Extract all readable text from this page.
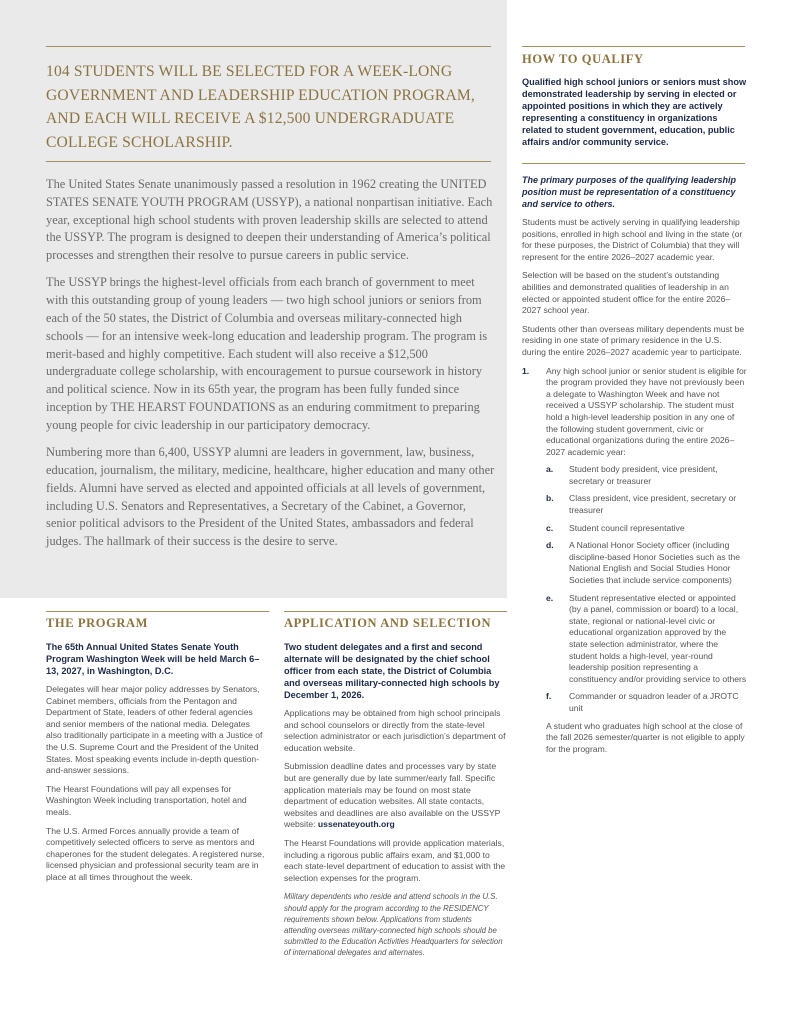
104 STUDENTS WILL BE SELECTED FOR A WEEK-LONG GOVERNMENT AND LEADERSHIP EDUCATION PROGRAM, AND EACH WILL RECEIVE A $12,500 UNDERGRADUATE COLLEGE SCHOLARSHIP.

The United States Senate unanimously passed a resolution in 1962 creating the UNITED STATES SENATE YOUTH PROGRAM (USSYP), a national nonpartisan initiative. Each year, exceptional high school students with proven leadership skills are selected to attend the USSYP. The program is designed to deepen their understanding of America’s political processes and strengthen their resolve to pursue careers in public service.

The USSYP brings the highest-level officials from each branch of government to meet with this outstanding group of young leaders — two high school juniors or seniors from each of the 50 states, the District of Columbia and overseas military-connected high schools — for an intensive week-long education and leadership program. The program is merit-based and highly competitive. Each student will also receive a $12,500 undergraduate college scholarship, with encouragement to pursue coursework in history and political science. Now in its 65th year, the program has been fully funded since inception by THE HEARST FOUNDATIONS as an enduring commitment to preparing young people for civic leadership in our participatory democracy.

Numbering more than 6,400, USSYP alumni are leaders in government, law, business, education, journalism, the military, medicine, healthcare, higher education and many other fields. Alumni have served as elected and appointed officials at all levels of government, including U.S. Senators and Representatives, a Secretary of the Cabinet, a Governor, senior political advisors to the President of the United States, ambassadors and federal judges. The hallmark of their success is the desire to serve.

THE PROGRAM

The 65th Annual United States Senate Youth Program Washington Week will be held March 6–13, 2027, in Washington, D.C.

Delegates will hear major policy addresses by Senators, Cabinet members, officials from the Pentagon and Department of State, leaders of other federal agencies and senior members of the national media. Delegates also traditionally participate in a meeting with a Justice of the U.S. Supreme Court and the President of the United States. Most speaking events include in-depth question-and-answer sessions.

The Hearst Foundations will pay all expenses for Washington Week including transportation, hotel and meals.

The U.S. Armed Forces annually provide a team of competitively selected officers to serve as mentors and chaperones for the student delegates. A registered nurse, licensed physician and professional security team are in place at all times throughout the week.

APPLICATION AND SELECTION

Two student delegates and a first and second alternate will be designated by the chief school officer from each state, the District of Columbia and overseas military-connected high schools by December 1, 2026.

Applications may be obtained from high school principals and school counselors or directly from the state-level selection administrator or each jurisdiction’s department of education website.

Submission deadline dates and processes vary by state but are generally due by late summer/early fall. Specific application materials may be found on most state department of education websites. All state contacts, websites and deadlines are also available on the USSYP website: ussenateyouth.org

The Hearst Foundations will provide application materials, including a rigorous public affairs exam, and $1,000 to each state-level department of education to assist with the selection expenses for the program.

Military dependents who reside and attend schools in the U.S. should apply for the program according to the RESIDENCY requirements shown below. Applications from students attending overseas military-connected high schools should be submitted to the Education Activities Headquarters for selection of international delegates and alternates.

HOW TO QUALIFY

Qualified high school juniors or seniors must show demonstrated leadership by serving in elected or appointed positions in which they are actively representing a constituency in organizations related to student government, education, public affairs and/or community service.

The primary purposes of the qualifying leadership position must be representation of a constituency and service to others.

Students must be actively serving in qualifying leadership positions, enrolled in high school and living in the state (or for these purposes, the District of Columbia) that they will represent for the entire 2026–2027 academic year.

Selection will be based on the student’s outstanding abilities and demonstrated qualities of leadership in an elected or appointed student office for the entire 2026–2027 school year.

Students other than overseas military dependents must be residing in one state of primary residence in the U.S. during the entire 2026–2027 academic year to participate.

1. Any high school junior or senior student is eligible for the program provided they have not previously been a delegate to Washington Week and have not received a USSYP scholarship. The student must hold a high-level leadership position in any one of the following student government, civic or educational organizations during the entire 2026–2027 academic year:
a. Student body president, vice president, secretary or treasurer
b. Class president, vice president, secretary or treasurer
c. Student council representative
d. A National Honor Society officer (including discipline-based Honor Societies such as the National English and Social Studies Honor Societies that include service components)
e. Student representative elected or appointed (by a panel, commission or board) to a local, state, regional or national-level civic or educational organization approved by the state selection administrator, where the student holds a high-level, year-round leadership position representing a constituency and/or providing service to others
f. Commander or squadron leader of a JROTC unit

A student who graduates high school at the close of the fall 2026 semester/quarter is not eligible to apply for the program.
